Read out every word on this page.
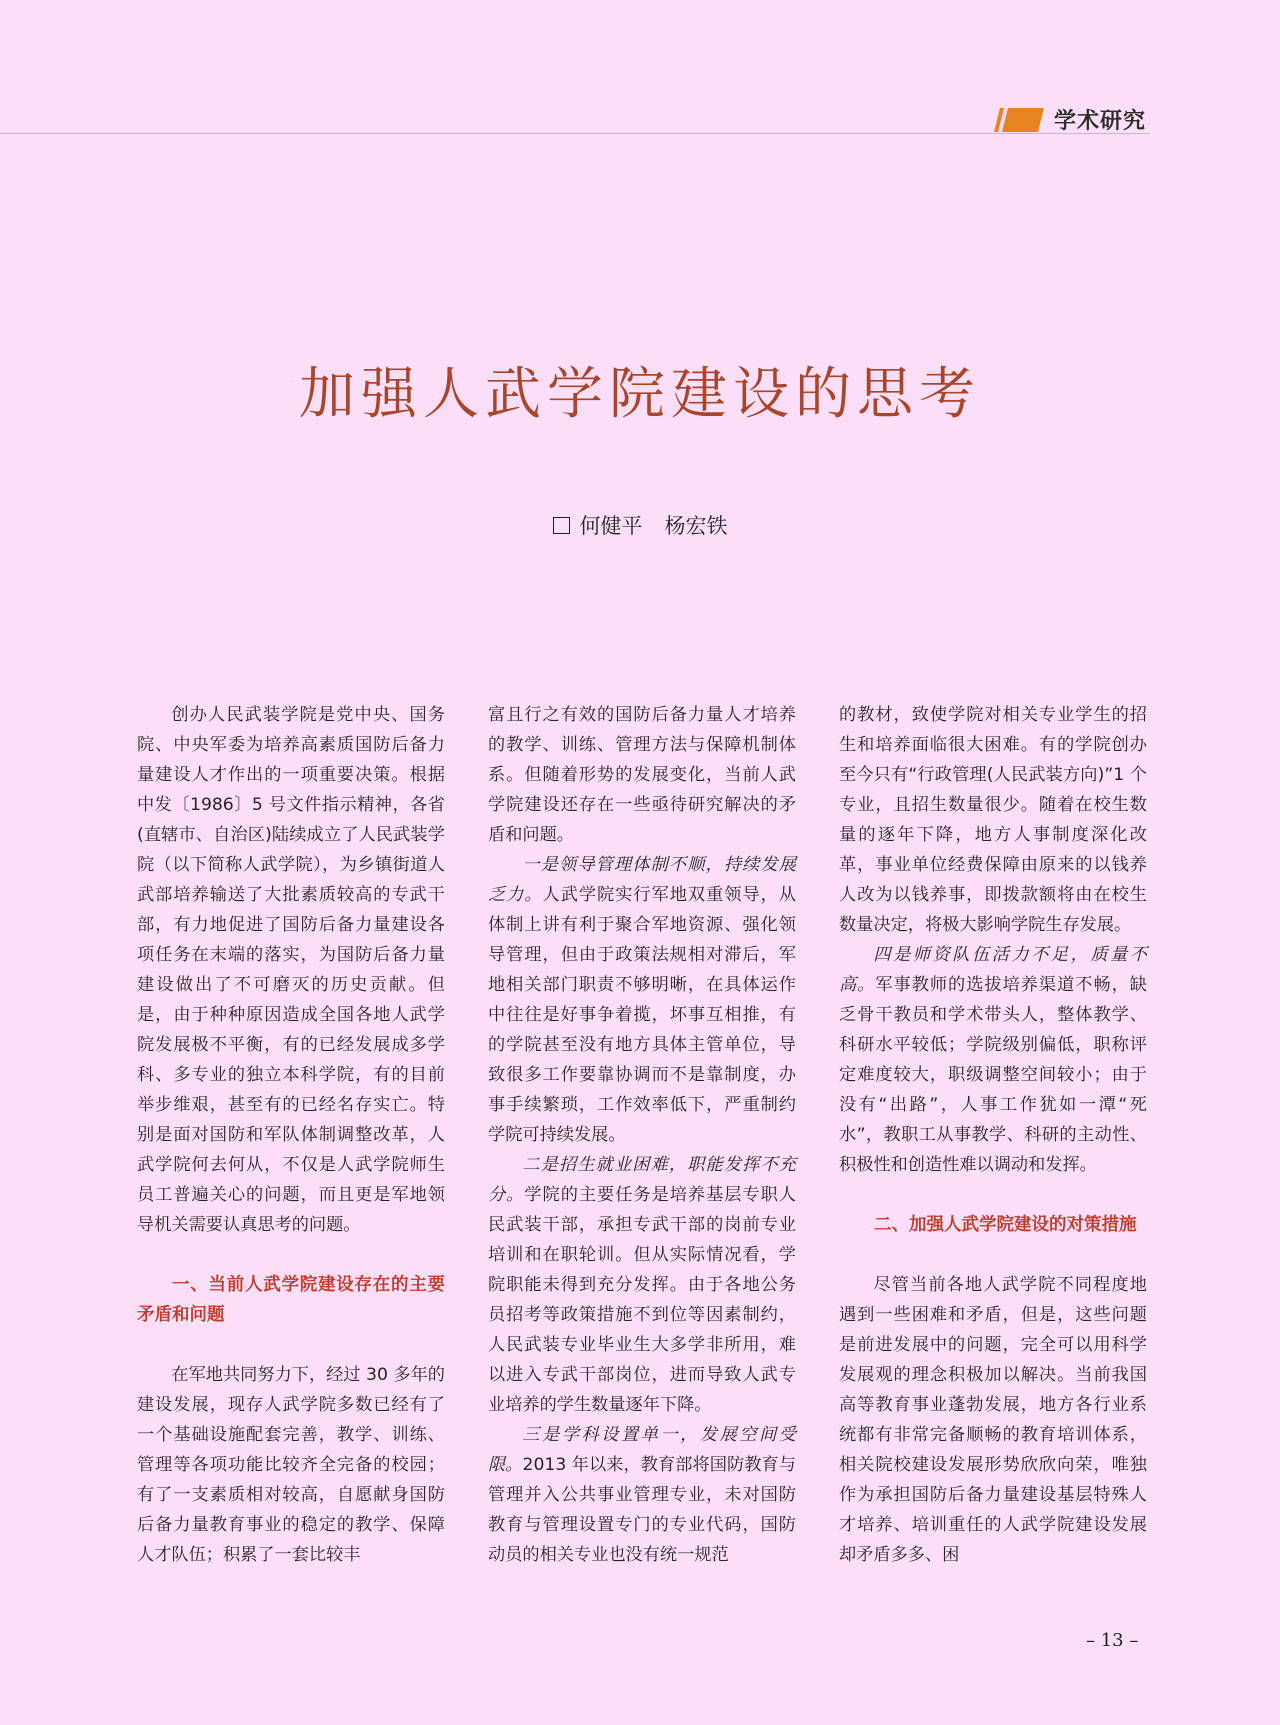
学术研究
加强人武学院建设的思考
何健平 杨宏铁

创办人民武装学院是党中央、国务院、中央军委为培养高素质国防后备力量建设人才作出的一项重要决策。根据中发〔1986〕5 号文件指示精神，各省(直辖市、自治区)陆续成立了人民武装学院（以下简称人武学院），为乡镇街道人武部培养输送了大批素质较高的专武干部，有力地促进了国防后备力量建设各项任务在末端的落实，为国防后备力量建设做出了不可磨灭的历史贡献。但是，由于种种原因造成全国各地人武学院发展极不平衡，有的已经发展成多学科、多专业的独立本科学院，有的目前举步维艰，甚至有的已经名存实亡。特别是面对国防和军队体制调整改革，人武学院何去何从，不仅是人武学院师生员工普遍关心的问题，而且更是军地领导机关需要认真思考的问题。

一、当前人武学院建设存在的主要矛盾和问题

在军地共同努力下，经过 30 多年的建设发展，现存人武学院多数已经有了一个基础设施配套完善，教学、训练、管理等各项功能比较齐全完备的校园；有了一支素质相对较高，自愿献身国防后备力量教育事业的稳定的教学、保障人才队伍；积累了一套比较丰

富且行之有效的国防后备力量人才培养的教学、训练、管理方法与保障机制体系。但随着形势的发展变化，当前人武学院建设还存在一些亟待研究解决的矛盾和问题。

一是领导管理体制不顺，持续发展乏力。人武学院实行军地双重领导，从体制上讲有利于聚合军地资源、强化领导管理，但由于政策法规相对滞后，军地相关部门职责不够明晰，在具体运作中往往是好事争着揽，坏事互相推，有的学院甚至没有地方具体主管单位，导致很多工作要靠协调而不是靠制度，办事手续繁琐，工作效率低下，严重制约学院可持续发展。

二是招生就业困难，职能发挥不充分。学院的主要任务是培养基层专职人民武装干部，承担专武干部的岗前专业培训和在职轮训。但从实际情况看，学院职能未得到充分发挥。由于各地公务员招考等政策措施不到位等因素制约，人民武装专业毕业生大多学非所用，难以进入专武干部岗位，进而导致人武专业培养的学生数量逐年下降。

三是学科设置单一，发展空间受限。2013 年以来，教育部将国防教育与管理并入公共事业管理专业，未对国防教育与管理设置专门的专业代码，国防动员的相关专业也没有统一规范

的教材，致使学院对相关专业学生的招生和培养面临很大困难。有的学院创办至今只有“行政管理(人民武装方向)”1 个专业，且招生数量很少。随着在校生数量的逐年下降，地方人事制度深化改革，事业单位经费保障由原来的以钱养人改为以钱养事，即拨款额将由在校生数量决定，将极大影响学院生存发展。

四是师资队伍活力不足，质量不高。军事教师的选拔培养渠道不畅，缺乏骨干教员和学术带头人，整体教学、科研水平较低；学院级别偏低，职称评定难度较大，职级调整空间较小；由于没有“出路”，人事工作犹如一潭“死水”，教职工从事教学、科研的主动性、积极性和创造性难以调动和发挥。

二、加强人武学院建设的对策措施

尽管当前各地人武学院不同程度地遇到一些困难和矛盾，但是，这些问题是前进发展中的问题，完全可以用科学发展观的理念积极加以解决。当前我国高等教育事业蓬勃发展，地方各行业系统都有非常完备顺畅的教育培训体系，相关院校建设发展形势欣欣向荣，唯独作为承担国防后备力量建设基层特殊人才培养、培训重任的人武学院建设发展却矛盾多多、困

– 13 –
